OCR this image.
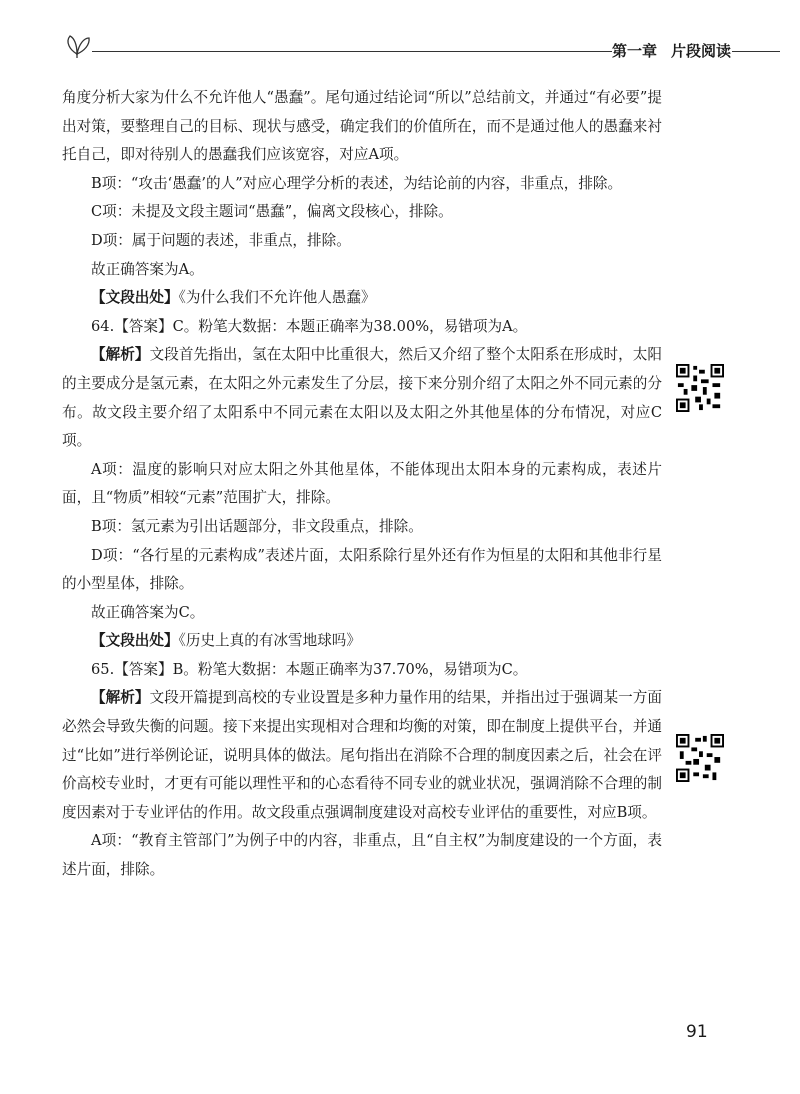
第一章 片段阅读

角度分析大家为什么不允许他人“愚蠢”。尾句通过结论词“所以”总结前文，并通过“有必要”提出对策，要整理自己的目标、现状与感受，确定我们的价值所在，而不是通过他人的愚蠢来衬托自己，即对待别人的愚蠢我们应该宽容，对应A项。

B项：“攻击‘愚蠢’的人”对应心理学分析的表述，为结论前的内容，非重点，排除。

C项：未提及文段主题词“愚蠢”，偏离文段核心，排除。

D项：属于问题的表述，非重点，排除。

故正确答案为A。

【文段出处】《为什么我们不允许他人愚蠢》

64.【答案】C。粉笔大数据：本题正确率为38.00%，易错项为A。

【解析】文段首先指出，氢在太阳中比重很大，然后又介绍了整个太阳系在形成时，太阳的主要成分是氢元素，在太阳之外元素发生了分层，接下来分别介绍了太阳之外不同元素的分布。故文段主要介绍了太阳系中不同元素在太阳以及太阳之外其他星体的分布情况，对应C项。

A项：温度的影响只对应太阳之外其他星体，不能体现出太阳本身的元素构成，表述片面，且“物质”相较“元素”范围扩大，排除。

B项：氢元素为引出话题部分，非文段重点，排除。

D项：“各行星的元素构成”表述片面，太阳系除行星外还有作为恒星的太阳和其他非行星的小型星体，排除。

故正确答案为C。

【文段出处】《历史上真的有冰雪地球吗》

65.【答案】B。粉笔大数据：本题正确率为37.70%，易错项为C。

【解析】文段开篇提到高校的专业设置是多种力量作用的结果，并指出过于强调某一方面必然会导致失衡的问题。接下来提出实现相对合理和均衡的对策，即在制度上提供平台，并通过“比如”进行举例论证，说明具体的做法。尾句指出在消除不合理的制度因素之后，社会在评价高校专业时，才更有可能以理性平和的心态看待不同专业的就业状况，强调消除不合理的制度因素对于专业评估的作用。故文段重点强调制度建设对高校专业评估的重要性，对应B项。

A项：“教育主管部门”为例子中的内容，非重点，且“自主权”为制度建设的一个方面，表述片面，排除。

91
